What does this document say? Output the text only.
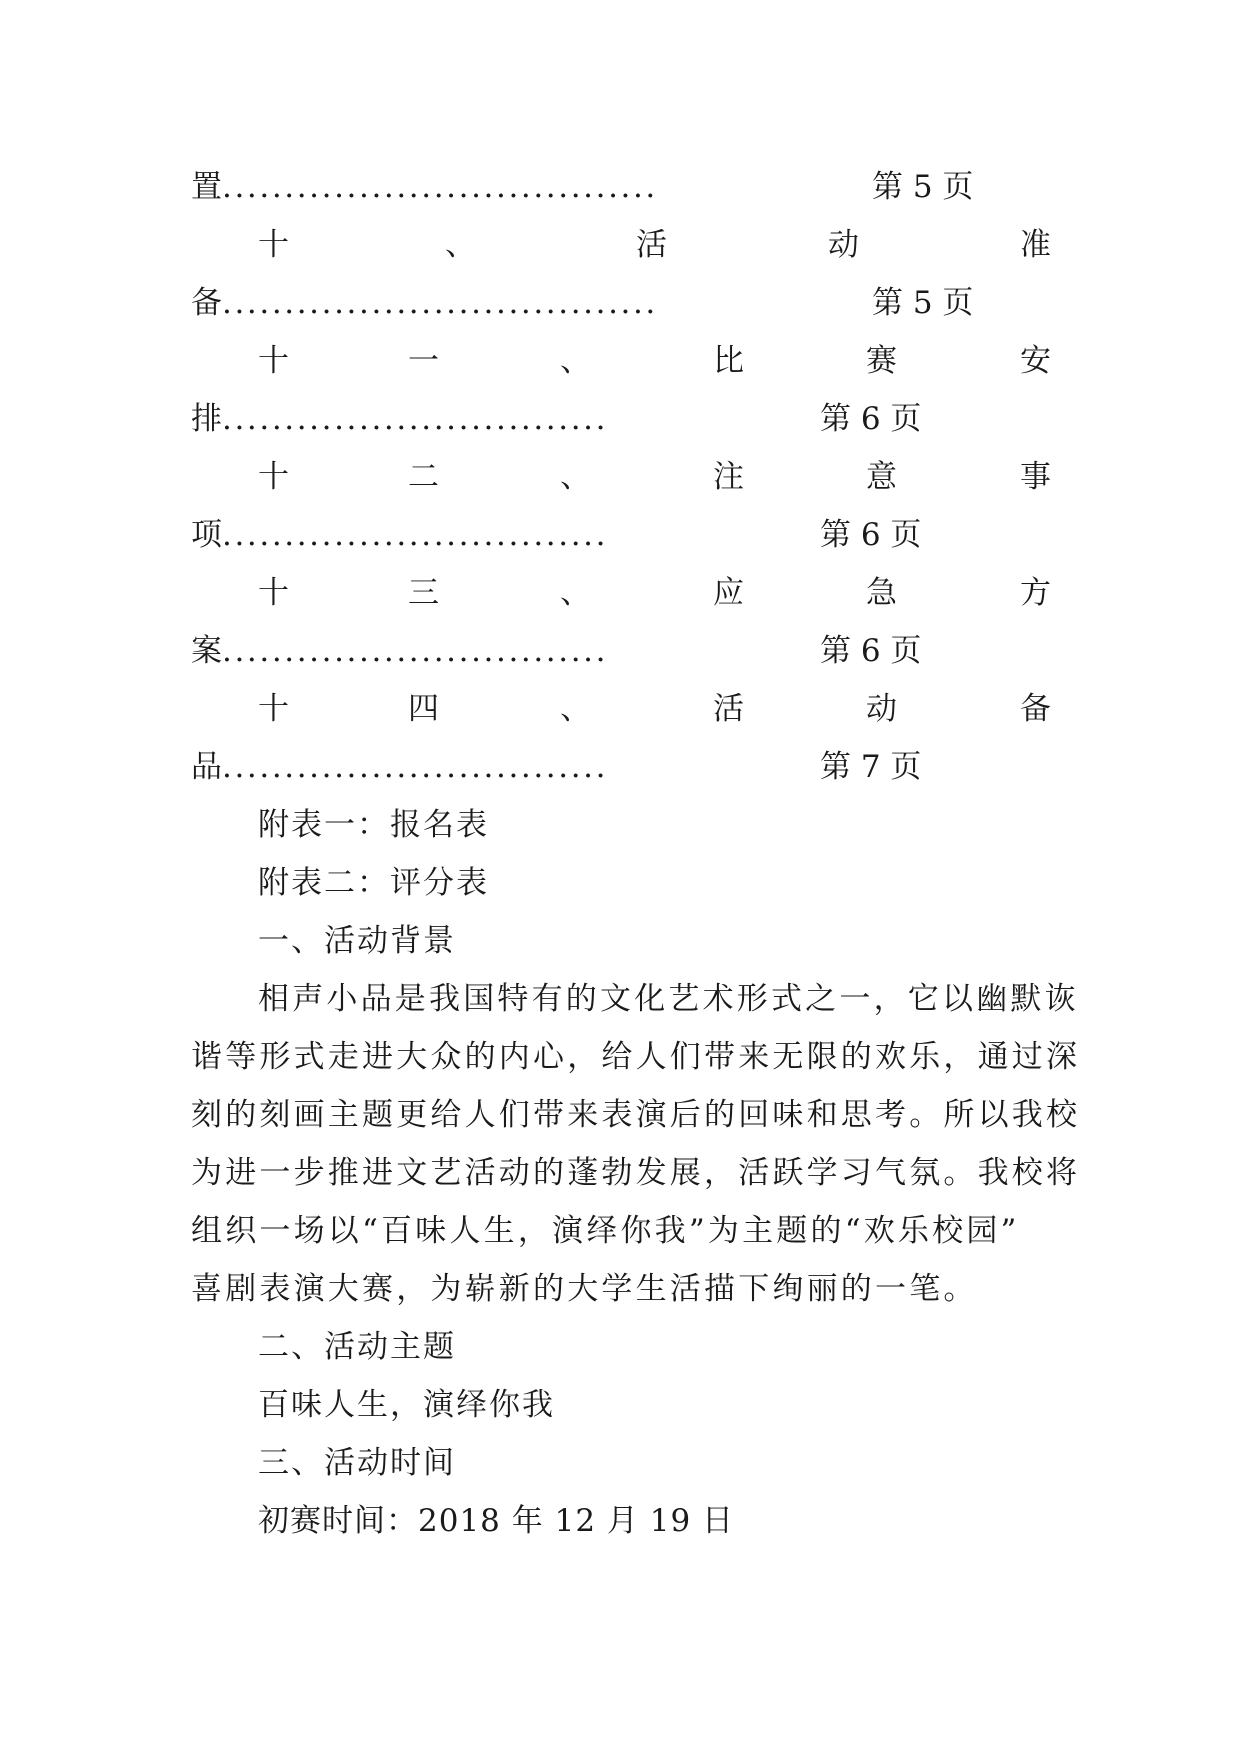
置 ...................................	第 5 页
十	、	活	动	准
备 ...................................	第 5 页
十	一	、	比	赛	安
排 ...............................	第 6 页
十	二	、	注	意	事
项 ...............................	第 6 页
十	三	、	应	急	方
案 ...............................	第 6 页
十	四	、	活	动	备
品 ...............................	第 7 页
附表一：报名表
附表二：评分表
一、活动背景
相声小品是我国特有的文化艺术形式之一，它以幽默诙
谐等形式走进大众的内心，给人们带来无限的欢乐，通过深
刻的刻画主题更给人们带来表演后的回味和思考。所以我校
为进一步推进文艺活动的蓬勃发展，活跃学习气氛。我校将
组织一场以“百味人生，演绎你我”为主题的“欢乐校园”
喜剧表演大赛，为崭新的大学生活描下绚丽的一笔。
二、活动主题
百味人生，演绎你我
三、活动时间
初赛时间：2018 年 12 月 19 日
